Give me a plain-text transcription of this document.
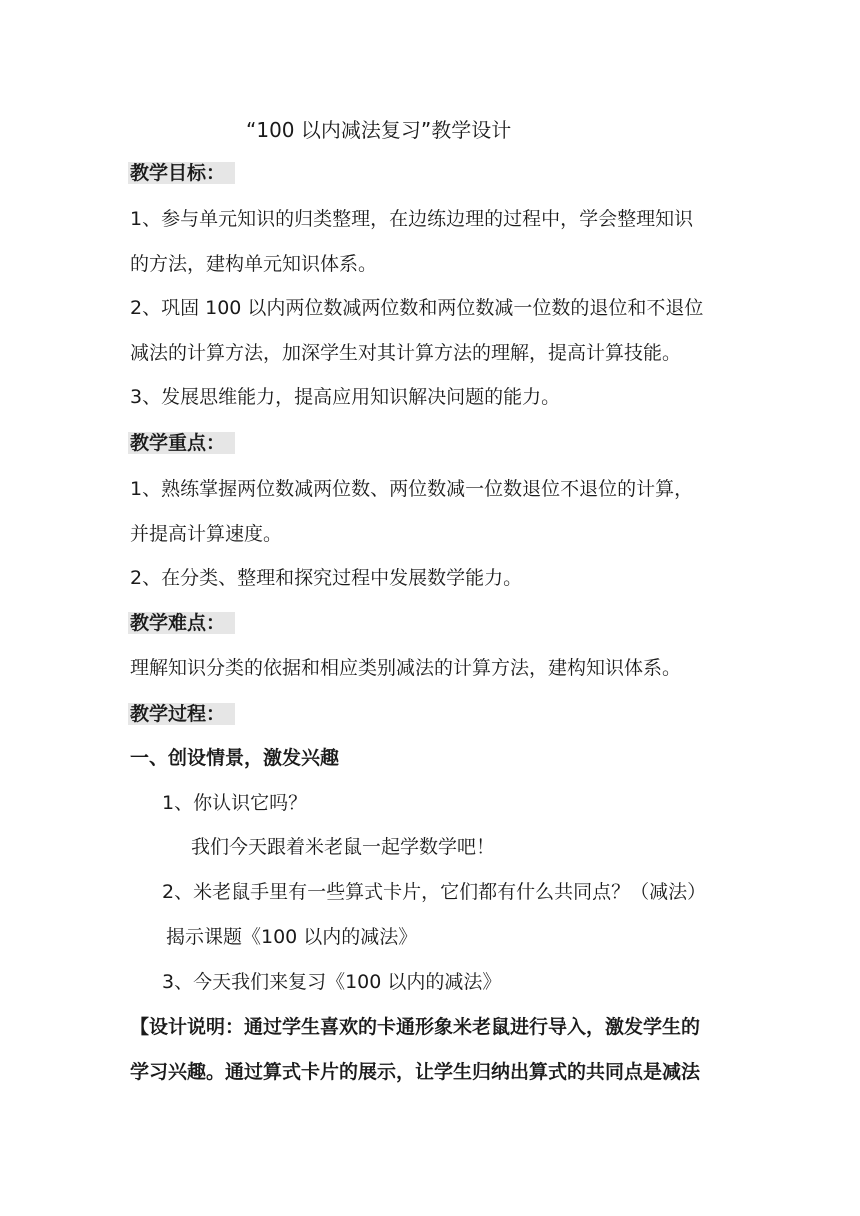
“100 以内减法复习”教学设计
教学目标：
1、参与单元知识的归类整理，在边练边理的过程中，学会整理知识
的方法，建构单元知识体系。
2、巩固 100 以内两位数减两位数和两位数减一位数的退位和不退位
减法的计算方法，加深学生对其计算方法的理解，提高计算技能。
3、发展思维能力，提高应用知识解决问题的能力。
教学重点：
1、熟练掌握两位数减两位数、两位数减一位数退位不退位的计算，
并提高计算速度。
2、在分类、整理和探究过程中发展数学能力。
教学难点：
理解知识分类的依据和相应类别减法的计算方法，建构知识体系。
教学过程：
一、创设情景，激发兴趣
1、你认识它吗？
我们今天跟着米老鼠一起学数学吧！
2、米老鼠手里有一些算式卡片，它们都有什么共同点？（减法）
揭示课题《100 以内的减法》
3、今天我们来复习《100 以内的减法》
【设计说明：通过学生喜欢的卡通形象米老鼠进行导入，激发学生的
学习兴趣。通过算式卡片的展示，让学生归纳出算式的共同点是减法
